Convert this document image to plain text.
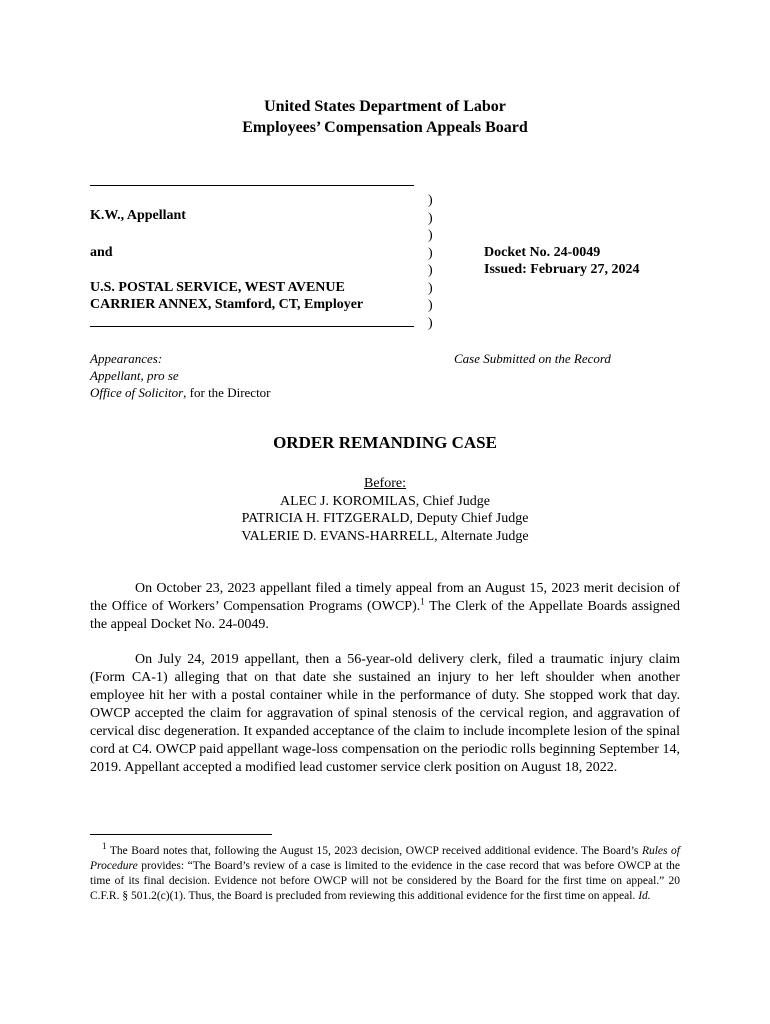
United States Department of Labor
Employees’ Compensation Appeals Board
K.W., Appellant
and
U.S. POSTAL SERVICE, WEST AVENUE
CARRIER ANNEX, Stamford, CT, Employer
)
)
)
)
)
)
)
)
Docket No. 24-0049
Issued: February 27, 2024
Appearances:
Appellant, pro se
Office of Solicitor, for the Director
Case Submitted on the Record
ORDER REMANDING CASE
Before:
ALEC J. KOROMILAS, Chief Judge
PATRICIA H. FITZGERALD, Deputy Chief Judge
VALERIE D. EVANS-HARRELL, Alternate Judge

On October 23, 2023 appellant filed a timely appeal from an August 15, 2023 merit decision of the Office of Workers’ Compensation Programs (OWCP).$^1$ The Clerk of the Appellate Boards assigned the appeal Docket No. 24-0049.

On July 24, 2019 appellant, then a 56-year-old delivery clerk, filed a traumatic injury claim (Form CA-1) alleging that on that date she sustained an injury to her left shoulder when another employee hit her with a postal container while in the performance of duty. She stopped work that day. OWCP accepted the claim for aggravation of spinal stenosis of the cervical region, and aggravation of cervical disc degeneration. It expanded acceptance of the claim to include incomplete lesion of the spinal cord at C4. OWCP paid appellant wage-loss compensation on the periodic rolls beginning September 14, 2019. Appellant accepted a modified lead customer service clerk position on August 18, 2022.

$^1$ The Board notes that, following the August 15, 2023 decision, OWCP received additional evidence. The Board’s Rules of Procedure provides: “The Board’s review of a case is limited to the evidence in the case record that was before OWCP at the time of its final decision. Evidence not before OWCP will not be considered by the Board for the first time on appeal.” 20 C.F.R. § 501.2(c)(1). Thus, the Board is precluded from reviewing this additional evidence for the first time on appeal. Id.
